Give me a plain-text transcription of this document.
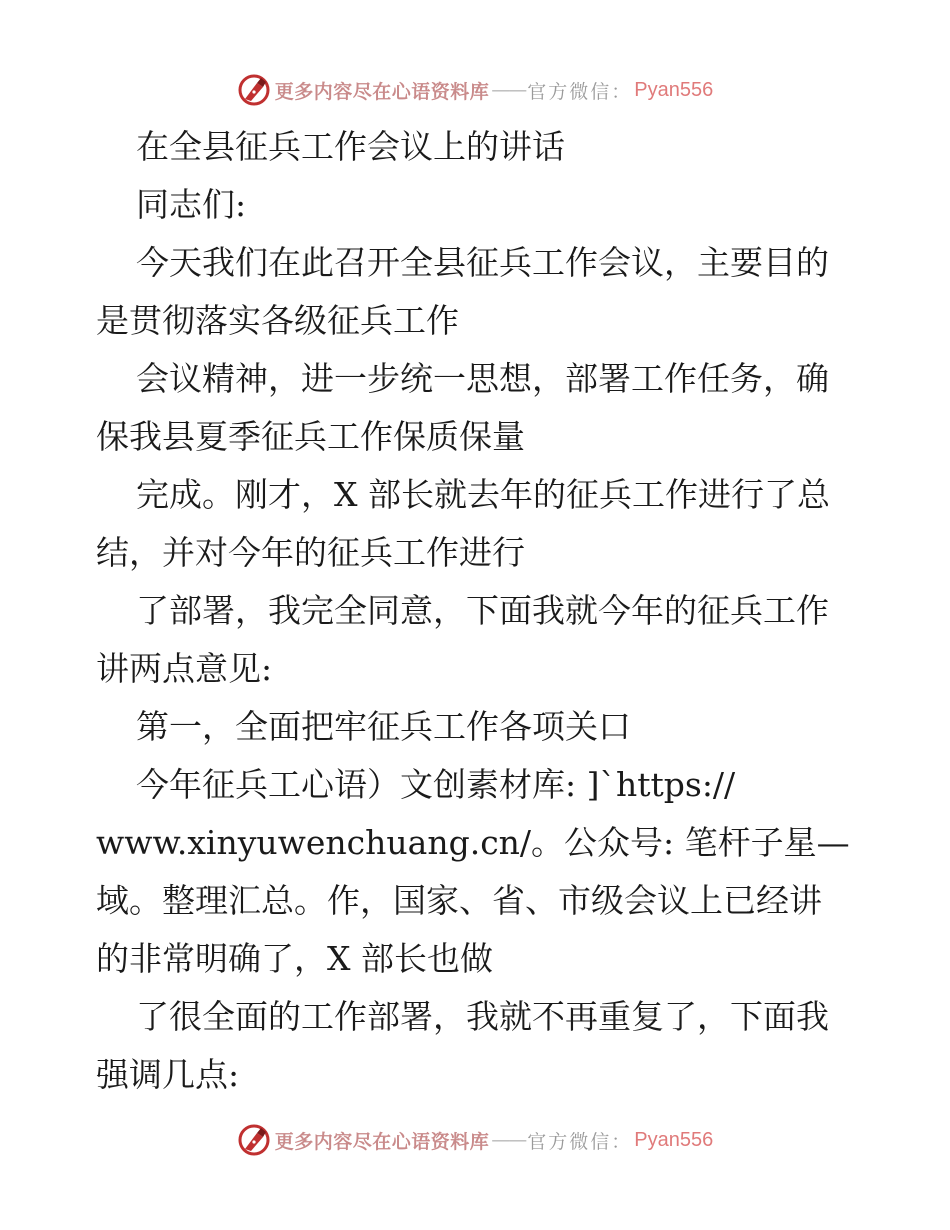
更多内容尽在心语资料库 —— 官方微信： Pyan556
在全县征兵工作会议上的讲话
同志们:
今天我们在此召开全县征兵工作会议，主要目的
是贯彻落实各级征兵工作
会议精神，进一步统一思想，部署工作任务，确
保我县夏季征兵工作保质保量
完成。刚才，X 部长就去年的征兵工作进行了总
结，并对今年的征兵工作进行
了部署，我完全同意，下面我就今年的征兵工作
讲两点意见:
第一，全面把牢征兵工作各项关口
今年征兵工心语）文创素材库: ]`https://
www.xinyuwenchuang.cn/。公众号: 笔杆子星—
域。整理汇总。作，国家、省、市级会议上已经讲
的非常明确了，X 部长也做
了很全面的工作部署，我就不再重复了，下面我
强调几点:
更多内容尽在心语资料库 —— 官方微信： Pyan556
